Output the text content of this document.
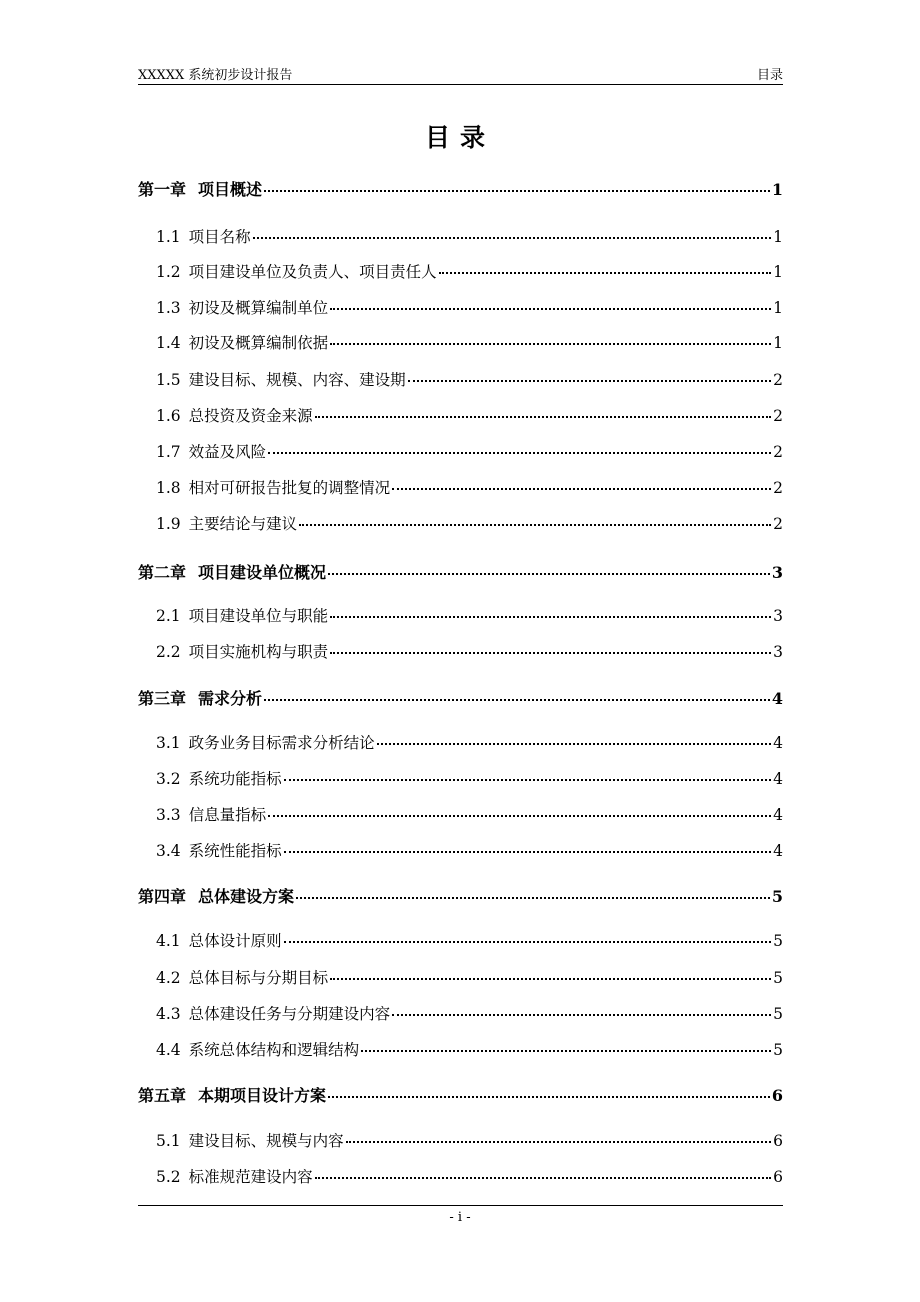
XXXXX 系统初步设计报告	目录
目录
第一章 项目概述	1
1.1 项目名称	1
1.2 项目建设单位及负责人、项目责任人	1
1.3 初设及概算编制单位	1
1.4 初设及概算编制依据	1
1.5 建设目标、规模、内容、建设期	2
1.6 总投资及资金来源	2
1.7 效益及风险	2
1.8 相对可研报告批复的调整情况	2
1.9 主要结论与建议	2
第二章 项目建设单位概况	3
2.1 项目建设单位与职能	3
2.2 项目实施机构与职责	3
第三章 需求分析	4
3.1 政务业务目标需求分析结论	4
3.2 系统功能指标	4
3.3 信息量指标	4
3.4 系统性能指标	4
第四章 总体建设方案	5
4.1 总体设计原则	5
4.2 总体目标与分期目标	5
4.3 总体建设任务与分期建设内容	5
4.4 系统总体结构和逻辑结构	5
第五章 本期项目设计方案	6
5.1 建设目标、规模与内容	6
5.2 标准规范建设内容	6
- i -
